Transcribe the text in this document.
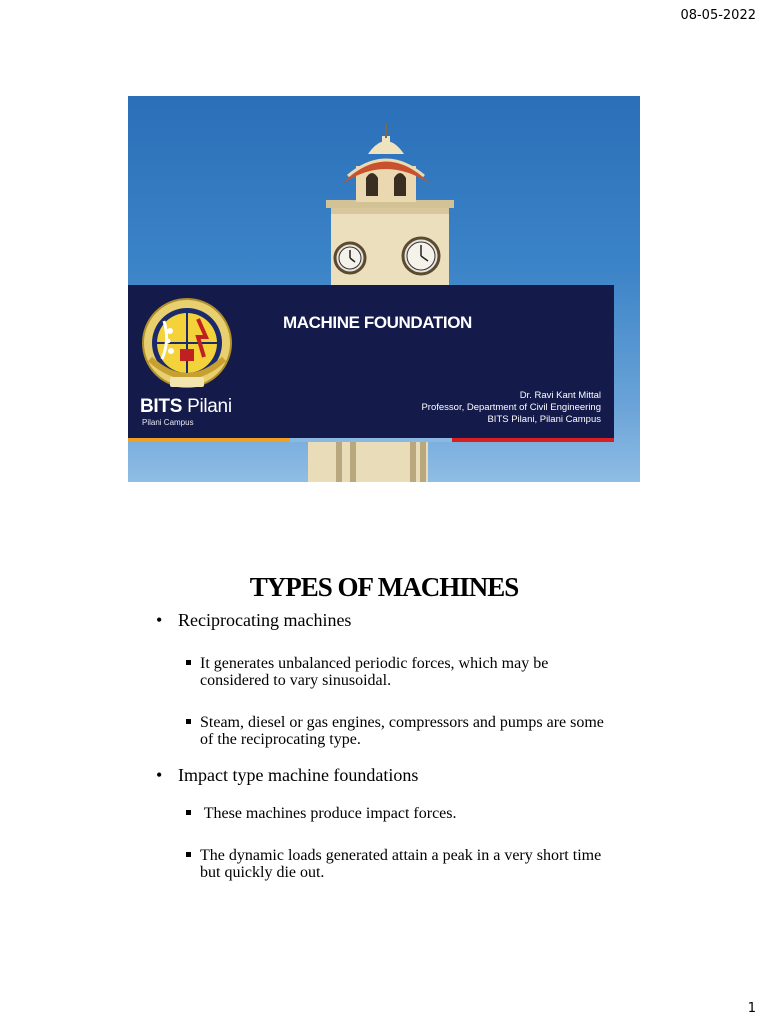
08-05-2022
BITS Pilani
Pilani Campus
MACHINE FOUNDATION
Dr. Ravi Kant Mittal
Professor, Department of Civil Engineering
BITS Pilani, Pilani Campus
TYPES OF MACHINES
• Reciprocating machines
It generates unbalanced periodic forces, which may be considered to vary sinusoidal.
Steam, diesel or gas engines, compressors and pumps are some of the reciprocating type.
• Impact type machine foundations
These machines produce impact forces.
The dynamic loads generated attain a peak in a very short time but quickly die out.
1
